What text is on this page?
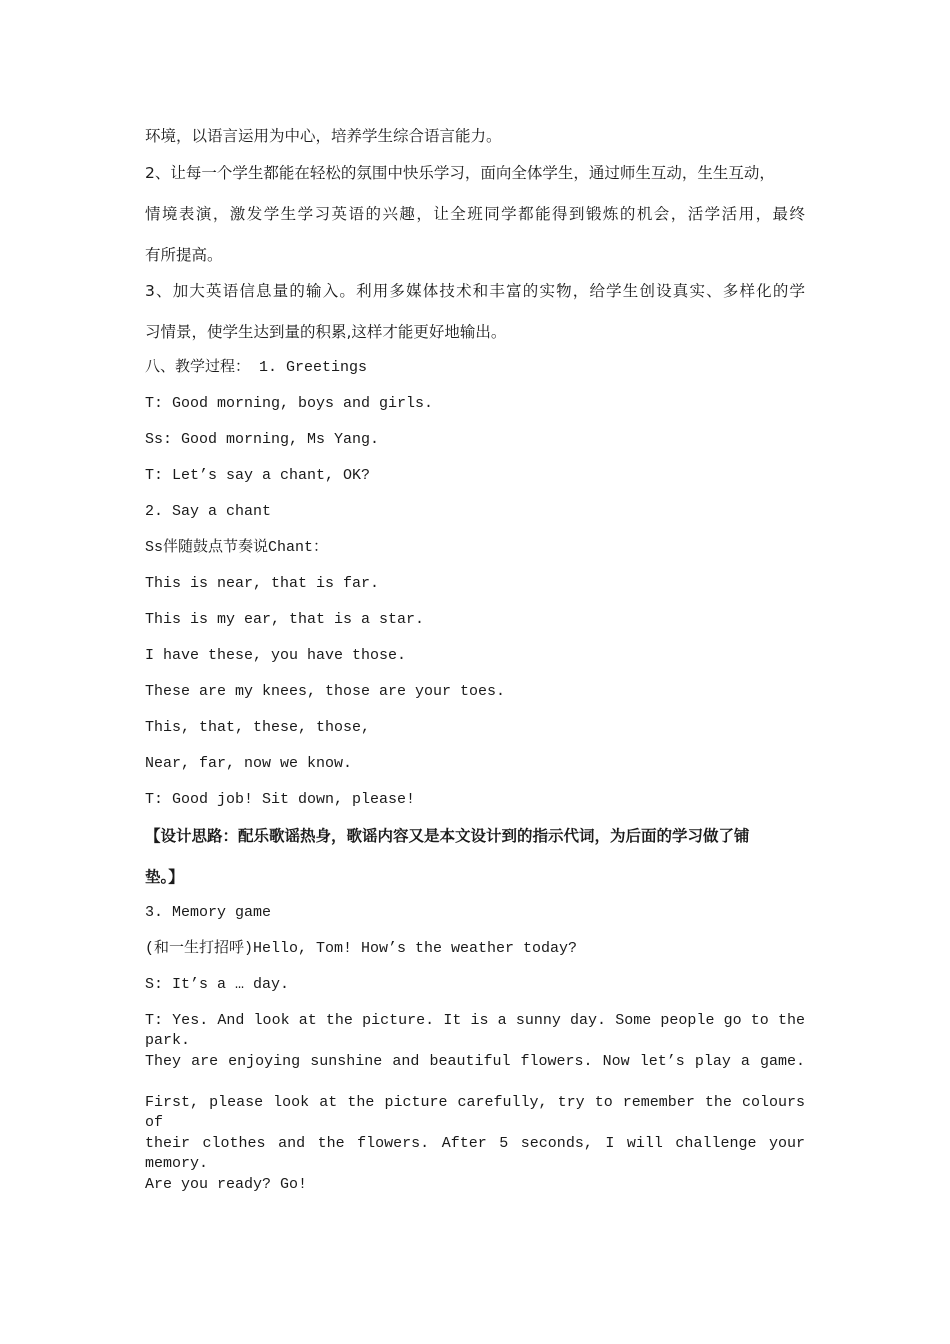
环境，以语言运用为中心，培养学生综合语言能力。
2、让每一个学生都能在轻松的氛围中快乐学习，面向全体学生，通过师生互动，生生互动，
情境表演，激发学生学习英语的兴趣，让全班同学都能得到锻炼的机会，活学活用，最终
有所提高。
3、加大英语信息量的输入。利用多媒体技术和丰富的实物，给学生创设真实、多样化的学
习情景，使学生达到量的积累,这样才能更好地输出。
八、教学过程： 1. Greetings
T: Good morning, boys and girls.
Ss: Good morning, Ms Yang.
T: Let’s say a chant, OK?
2. Say a chant
Ss伴随鼓点节奏说Chant：
This is near, that is far.
This is my ear, that is a star.
I have these, you have those.
These are my knees, those are your toes.
This, that, these, those,
Near, far, now we know.
T: Good job! Sit down, please!
【设计思路：配乐歌谣热身，歌谣内容又是本文设计到的指示代词，为后面的学习做了铺
垫。】
3. Memory game
(和一生打招呼)Hello, Tom! How’s the weather today?
S: It’s a … day.
T: Yes. And look at the picture. It is a sunny day. Some people go to the park.
They are enjoying sunshine and beautiful flowers. Now let’s play a game.
First, please look at the picture carefully, try to remember the colours of
their clothes and the flowers. After 5 seconds, I will challenge your memory.
Are you ready? Go!
